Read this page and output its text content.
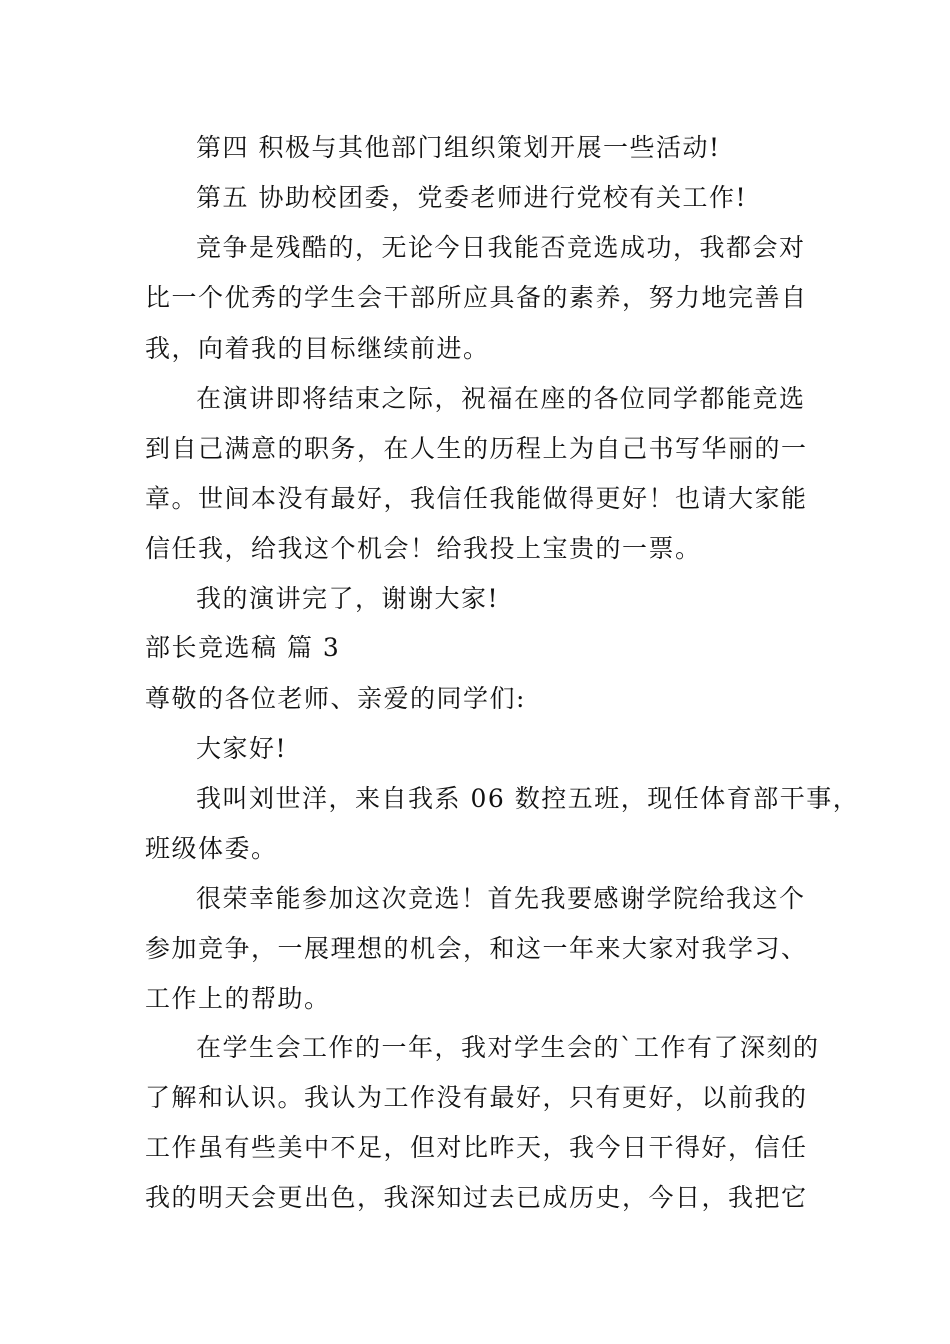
第四 积极与其他部门组织策划开展一些活动!
第五 协助校团委，党委老师进行党校有关工作!
竞争是残酷的，无论今日我能否竞选成功，我都会对
比一个优秀的学生会干部所应具备的素养，努力地完善自
我，向着我的目标继续前进。
在演讲即将结束之际，祝福在座的各位同学都能竞选
到自己满意的职务，在人生的历程上为自己书写华丽的一
章。世间本没有最好，我信任我能做得更好！也请大家能
信任我，给我这个机会！给我投上宝贵的一票。
我的演讲完了，谢谢大家!
部长竞选稿 篇 3
尊敬的各位老师、亲爱的同学们:
大家好!
我叫刘世洋，来自我系 06 数控五班，现任体育部干事，
班级体委。
很荣幸能参加这次竞选！首先我要感谢学院给我这个
参加竞争，一展理想的机会，和这一年来大家对我学习、
工作上的帮助。
在学生会工作的一年，我对学生会的`工作有了深刻的
了解和认识。我认为工作没有最好，只有更好，以前我的
工作虽有些美中不足，但对比昨天，我今日干得好，信任
我的明天会更出色，我深知过去已成历史，今日，我把它
